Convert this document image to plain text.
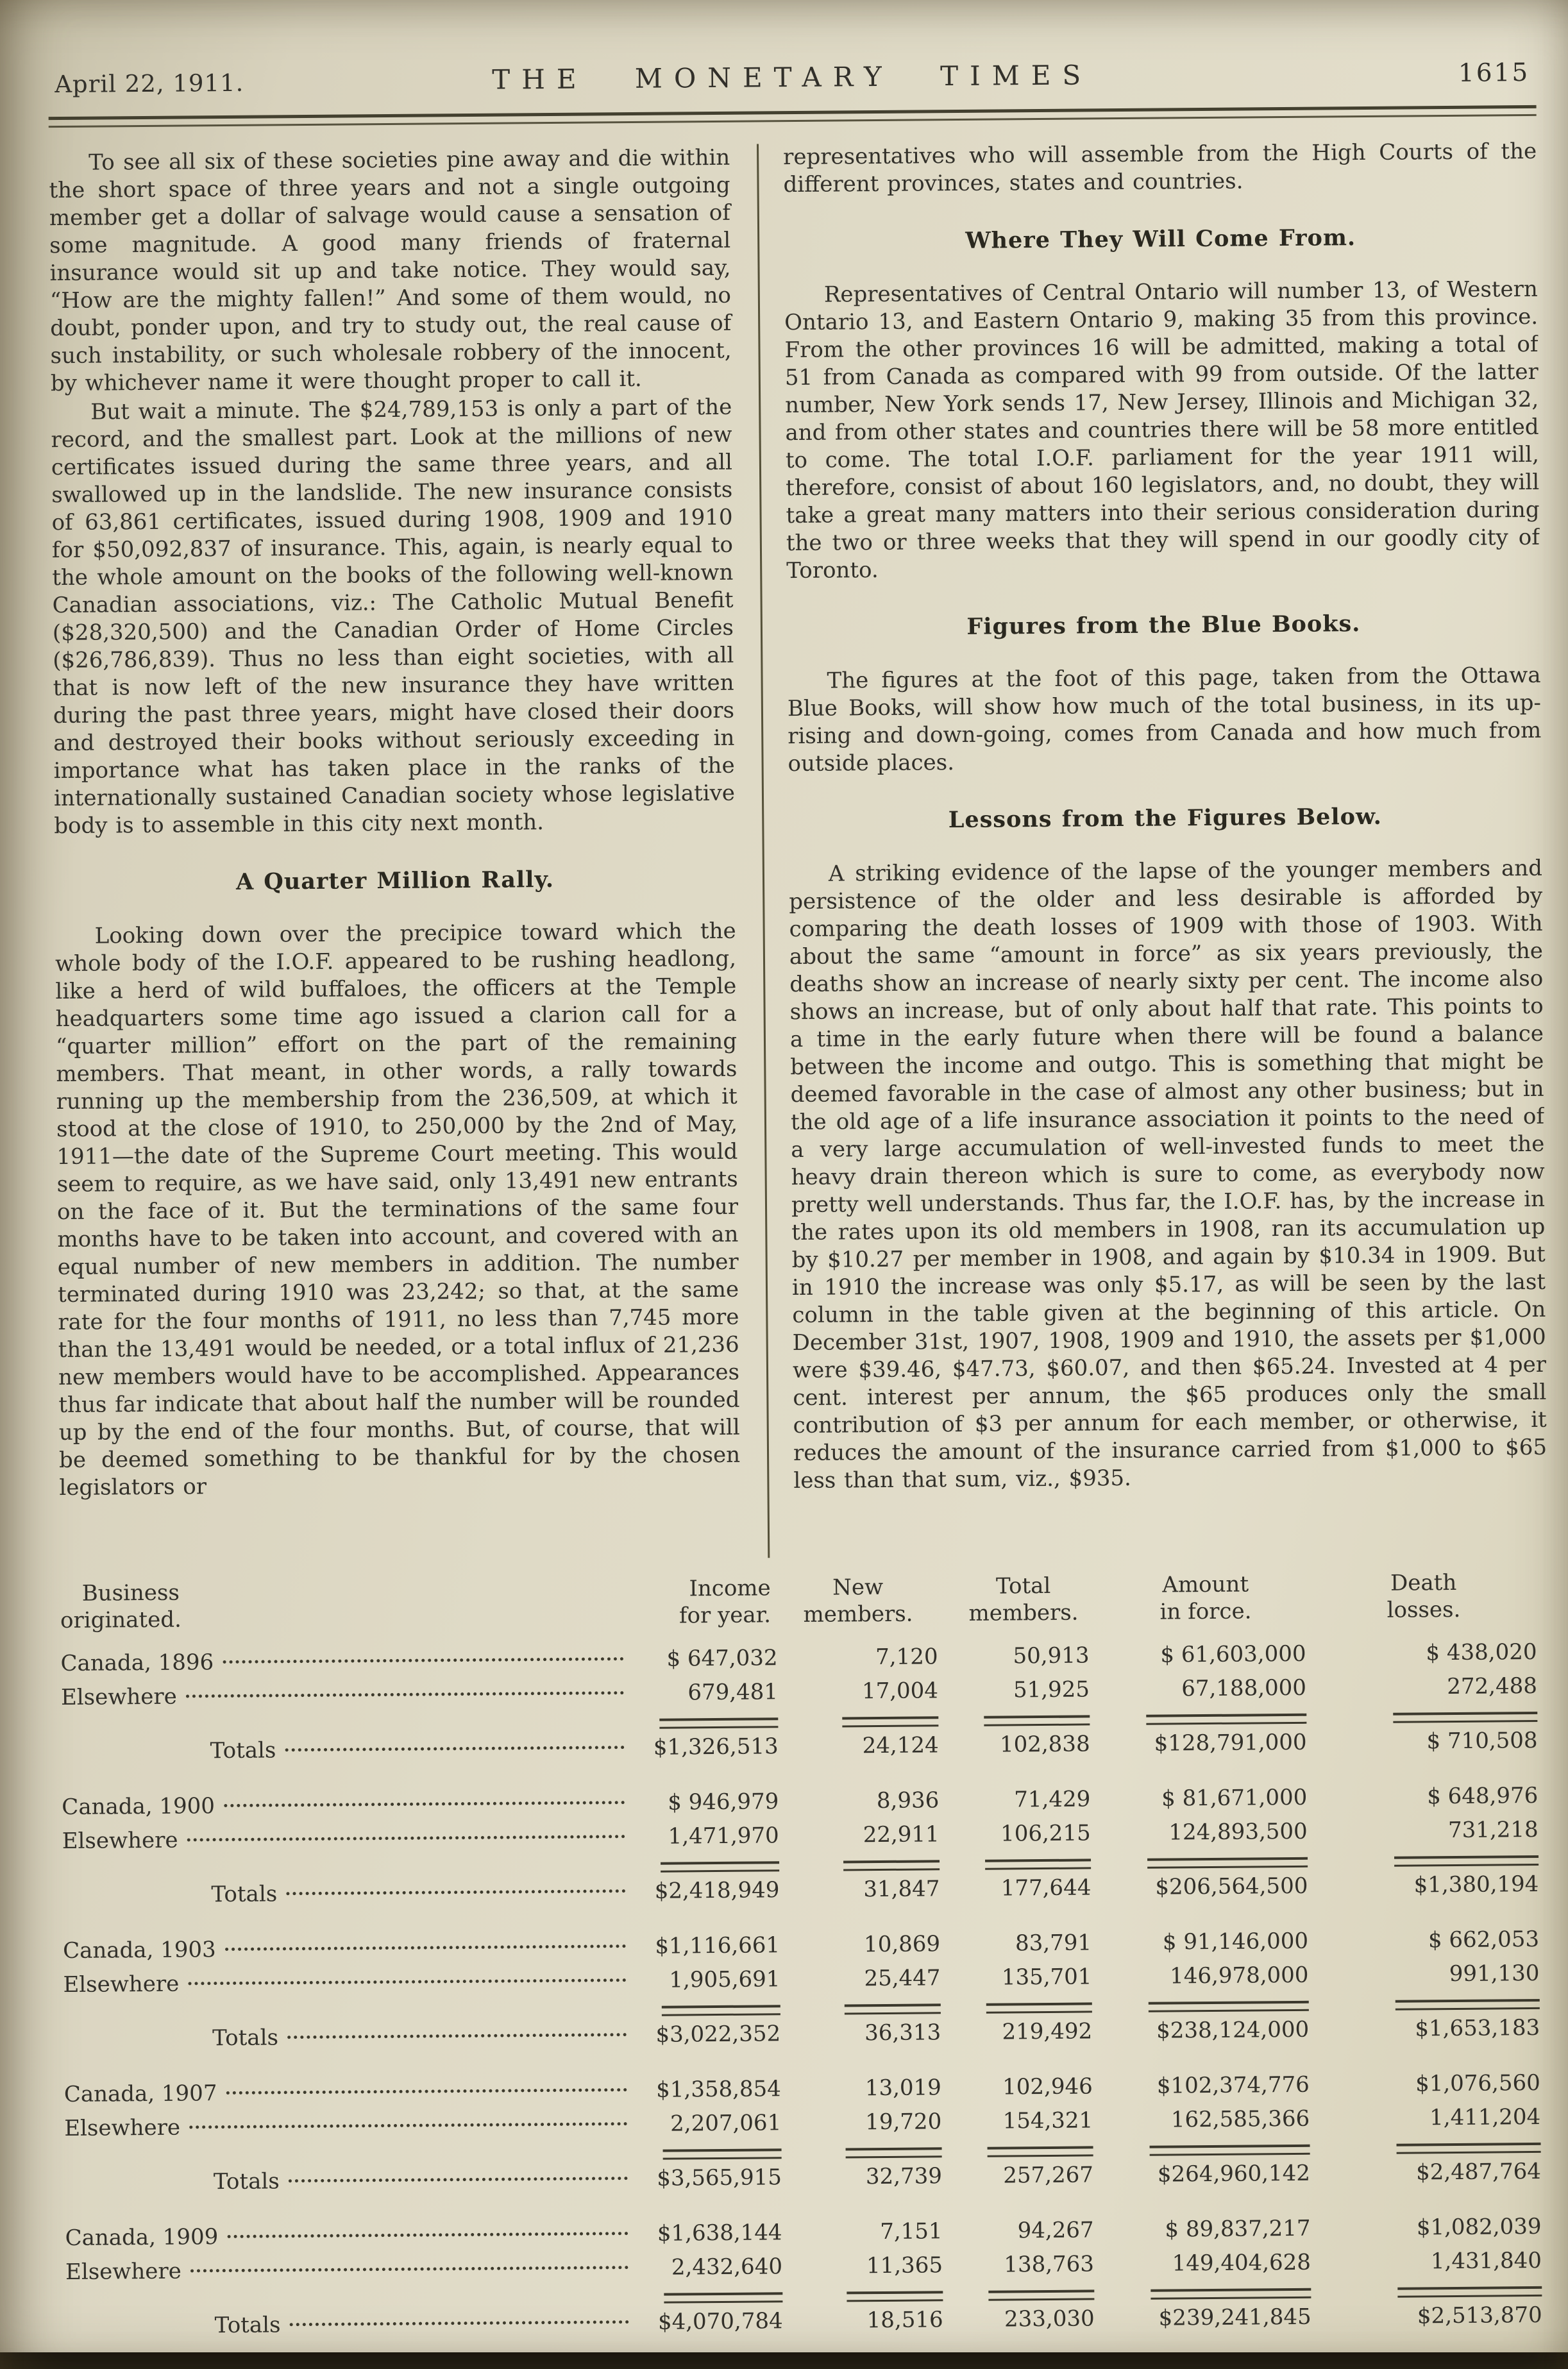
April 22, 1911.	THE MONETARY TIMES	1615

To see all six of these societies pine away and die within the short space of three years and not a single outgoing member get a dollar of salvage would cause a sensation of some magnitude. A good many friends of fraternal insurance would sit up and take notice. They would say, “How are the mighty fallen!” And some of them would, no doubt, ponder upon, and try to study out, the real cause of such instability, or such wholesale robbery of the innocent, by whichever name it were thought proper to call it.

But wait a minute. The $24,789,153 is only a part of the record, and the smallest part. Look at the millions of new certificates issued during the same three years, and all swallowed up in the landslide. The new insurance consists of 63,861 certificates, issued during 1908, 1909 and 1910 for $50,092,837 of insurance. This, again, is nearly equal to the whole amount on the books of the following well-known Canadian associations, viz.: The Catholic Mutual Benefit ($28,320,500) and the Canadian Order of Home Circles ($26,786,839). Thus no less than eight societies, with all that is now left of the new insurance they have written during the past three years, might have closed their doors and destroyed their books without seriously exceeding in importance what has taken place in the ranks of the internationally sustained Canadian society whose legislative body is to assemble in this city next month.

A Quarter Million Rally.

Looking down over the precipice toward which the whole body of the I.O.F. appeared to be rushing headlong, like a herd of wild buffaloes, the officers at the Temple headquarters some time ago issued a clarion call for a “quarter million” effort on the part of the remaining members. That meant, in other words, a rally towards running up the membership from the 236,509, at which it stood at the close of 1910, to 250,000 by the 2nd of May, 1911—the date of the Supreme Court meeting. This would seem to require, as we have said, only 13,491 new entrants on the face of it. But the terminations of the same four months have to be taken into account, and covered with an equal number of new members in addition. The number terminated during 1910 was 23,242; so that, at the same rate for the four months of 1911, no less than 7,745 more than the 13,491 would be needed, or a total influx of 21,236 new members would have to be accomplished. Appearances thus far indicate that about half the number will be rounded up by the end of the four months. But, of course, that will be deemed something to be thankful for by the chosen legislators or

representatives who will assemble from the High Courts of the different provinces, states and countries.

Where They Will Come From.

Representatives of Central Ontario will number 13, of Western Ontario 13, and Eastern Ontario 9, making 35 from this province. From the other provinces 16 will be admitted, making a total of 51 from Canada as compared with 99 from outside. Of the latter number, New York sends 17, New Jersey, Illinois and Michigan 32, and from other states and countries there will be 58 more entitled to come. The total I.O.F. parliament for the year 1911 will, therefore, consist of about 160 legislators, and, no doubt, they will take a great many matters into their serious consideration during the two or three weeks that they will spend in our goodly city of Toronto.

Figures from the Blue Books.

The figures at the foot of this page, taken from the Ottawa Blue Books, will show how much of the total business, in its up-rising and down-going, comes from Canada and how much from outside places.

Lessons from the Figures Below.

A striking evidence of the lapse of the younger members and persistence of the older and less desirable is afforded by comparing the death losses of 1909 with those of 1903. With about the same “amount in force” as six years previously, the deaths show an increase of nearly sixty per cent. The income also shows an increase, but of only about half that rate. This points to a time in the early future when there will be found a balance between the income and outgo. This is something that might be deemed favorable in the case of almost any other business; but in the old age of a life insurance association it points to the need of a very large accumulation of well-invested funds to meet the heavy drain thereon which is sure to come, as everybody now pretty well understands. Thus far, the I.O.F. has, by the increase in the rates upon its old members in 1908, ran its accumulation up by $10.27 per member in 1908, and again by $10.34 in 1909. But in 1910 the increase was only $5.17, as will be seen by the last column in the table given at the beginning of this article. On December 31st, 1907, 1908, 1909 and 1910, the assets per $1,000 were $39.46, $47.73, $60.07, and then $65.24. Invested at 4 per cent. interest per annum, the $65 produces only the small contribution of $3 per annum for each member, or otherwise, it reduces the amount of the insurance carried from $1,000 to $65 less than that sum, viz., $935.

Business
originated.
Income
for year.
New
members.
Total
members.
Amount
in force.
Death
losses.
Canada, 1896	$ 647,032	7,120	50,913	$ 61,603,000	$ 438,020
Elsewhere	679,481	17,004	51,925	67,188,000	272,488
Totals	$1,326,513	24,124	102,838	$128,791,000	$ 710,508
Canada, 1900	$ 946,979	8,936	71,429	$ 81,671,000	$ 648,976
Elsewhere	1,471,970	22,911	106,215	124,893,500	731,218
Totals	$2,418,949	31,847	177,644	$206,564,500	$1,380,194
Canada, 1903	$1,116,661	10,869	83,791	$ 91,146,000	$ 662,053
Elsewhere	1,905,691	25,447	135,701	146,978,000	991,130
Totals	$3,022,352	36,313	219,492	$238,124,000	$1,653,183
Canada, 1907	$1,358,854	13,019	102,946	$102,374,776	$1,076,560
Elsewhere	2,207,061	19,720	154,321	162,585,366	1,411,204
Totals	$3,565,915	32,739	257,267	$264,960,142	$2,487,764
Canada, 1909	$1,638,144	7,151	94,267	$ 89,837,217	$1,082,039
Elsewhere	2,432,640	11,365	138,763	149,404,628	1,431,840
Totals	$4,070,784	18,516	233,030	$239,241,845	$2,513,870
